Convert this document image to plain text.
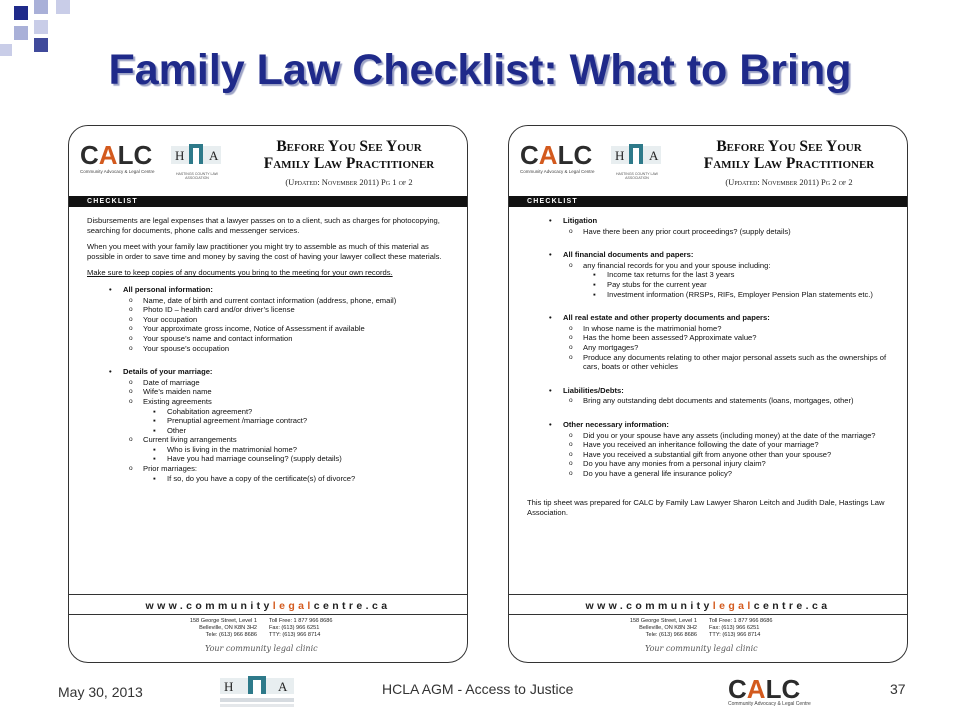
Family Law Checklist: What to Bring
CALC
Community Advocacy & Legal Centre
H A
HASTINGS COUNTY LAW ASSOCIATION
Before You See Your
Family Law Practitioner
(Updated: November 2011) Pg 1 of 2
CHECKLIST

Disbursements are legal expenses that a lawyer passes on to a client, such as charges for photocopying, searching for documents, phone calls and messenger services.

When you meet with your family law practitioner you might try to assemble as much of this material as possible in order to save time and money by saving the cost of having your lawyer collect these materials.

Make sure to keep copies of any documents you bring to the meeting for your own records.

• All personal information:
o Name, date of birth and current contact information (address, phone, email)
o Photo ID – health card and/or driver’s license
o Your occupation
o Your approximate gross income, Notice of Assessment if available
o Your spouse’s name and contact information
o Your spouse’s occupation
• Details of your marriage:
o Date of marriage
o Wife’s maiden name
o Existing agreements
▪ Cohabitation agreement?
▪ Prenuptial agreement /marriage contract?
▪ Other
o Current living arrangements
▪ Who is living in the matrimonial home?
▪ Have you had marriage counseling? (supply details)
o Prior marriages:
▪ If so, do you have a copy of the certificate(s) of divorce?
www.communitylegalcentre.ca
158 George Street, Level 1
Belleville, ON K8N 3H2
Tele: (613) 966 8686
Toll Free: 1 877 966 8686
Fax: (613) 966 6251
TTY: (613) 966 8714
Your community legal clinic
CALC
Community Advocacy & Legal Centre
H A
HASTINGS COUNTY LAW ASSOCIATION
Before You See Your
Family Law Practitioner
(Updated: November 2011) Pg 2 of 2
CHECKLIST
• Litigation
o Have there been any prior court proceedings? (supply details)
• All financial documents and papers:
o any financial records for you and your spouse including:
▪ Income tax returns for the last 3 years
▪ Pay stubs for the current year
▪ Investment information (RRSPs, RIFs, Employer Pension Plan statements etc.)
• All real estate and other property documents and papers:
o In whose name is the matrimonial home?
o Has the home been assessed? Approximate value?
o Any mortgages?
o Produce any documents relating to other major personal assets such as the ownerships of cars, boats or other vehicles
• Liabilities/Debts:
o Bring any outstanding debt documents and statements (loans, mortgages, other)
• Other necessary information:
o Did you or your spouse have any assets (including money) at the date of the marriage?
o Have you received an inheritance following the date of your marriage?
o Have you received a substantial gift from anyone other than your spouse?
o Do you have any monies from a personal injury claim?
o Do you have a general life insurance policy?

This tip sheet was prepared for CALC by Family Law Lawyer Sharon Leitch and Judith Dale, Hastings Law Association.

www.communitylegalcentre.ca
158 George Street, Level 1
Belleville, ON K8N 3H2
Tele: (613) 966 8686
Toll Free: 1 877 966 8686
Fax: (613) 966 6251
TTY: (613) 966 8714
Your community legal clinic
May 30, 2013	H	A	HCLA AGM - Access to Justice	CALC
Community Advocacy & Legal Centre
37
